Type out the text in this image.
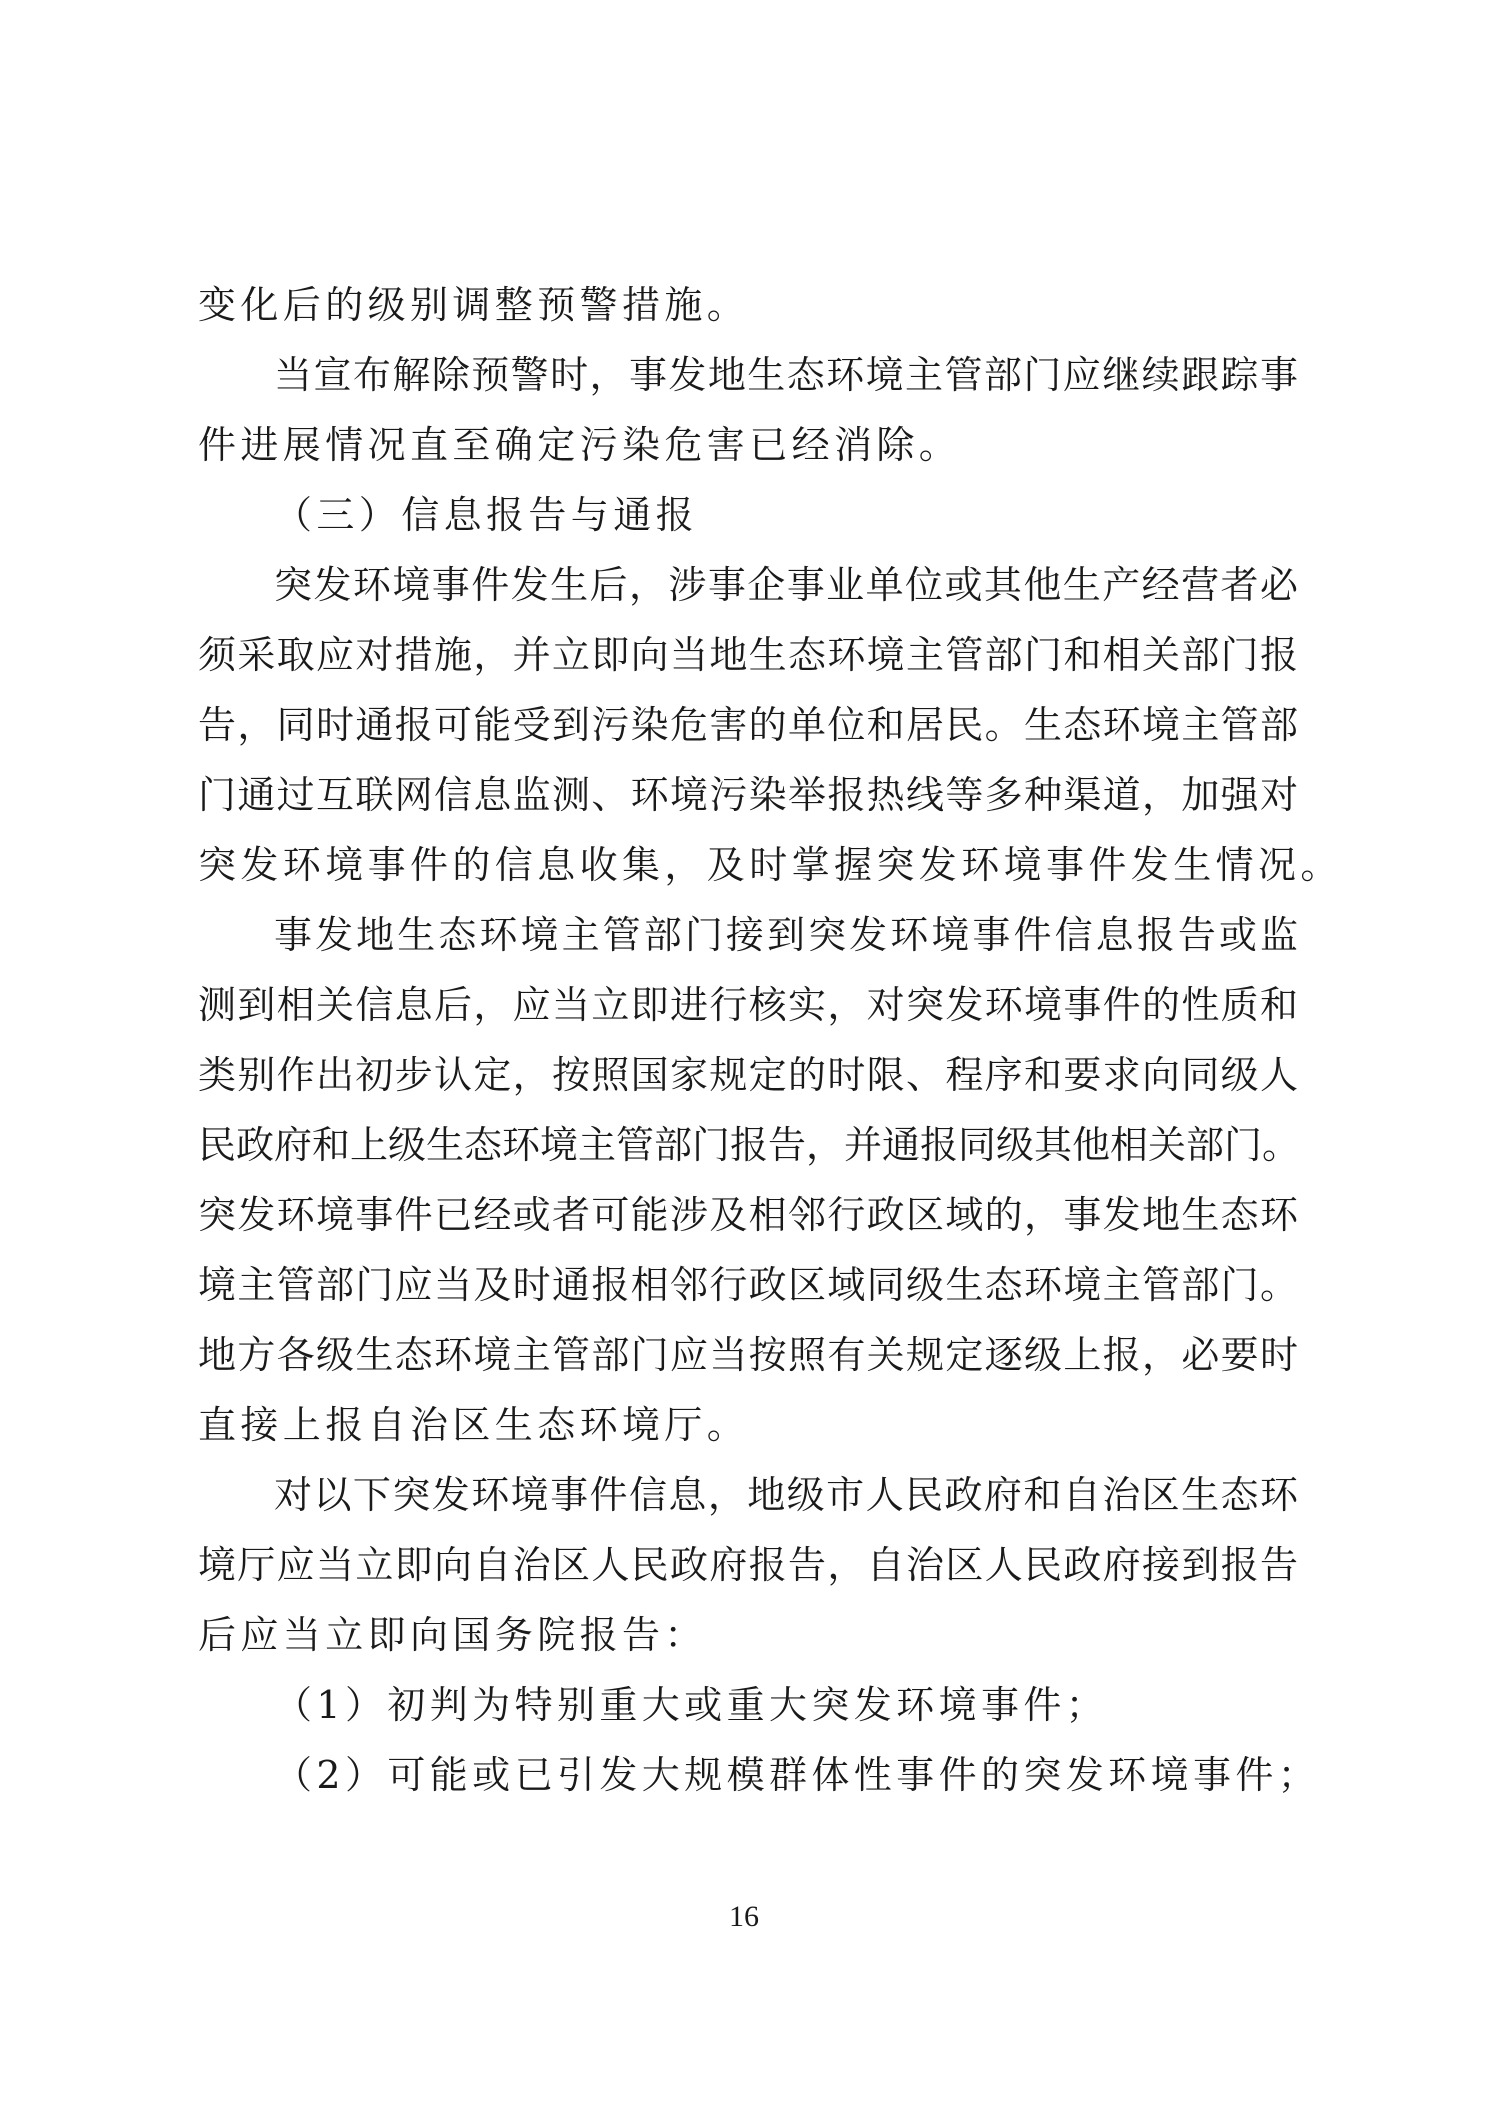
变化后的级别调整预警措施。
当宣布解除预警时，事发地生态环境主管部门应继续跟踪事
件进展情况直至确定污染危害已经消除。
（三）信息报告与通报
突发环境事件发生后，涉事企事业单位或其他生产经营者必
须采取应对措施，并立即向当地生态环境主管部门和相关部门报
告，同时通报可能受到污染危害的单位和居民。生态环境主管部
门通过互联网信息监测、环境污染举报热线等多种渠道，加强对
突发环境事件的信息收集，及时掌握突发环境事件发生情况。
事发地生态环境主管部门接到突发环境事件信息报告或监
测到相关信息后，应当立即进行核实，对突发环境事件的性质和
类别作出初步认定，按照国家规定的时限、程序和要求向同级人
民政府和上级生态环境主管部门报告，并通报同级其他相关部门。
突发环境事件已经或者可能涉及相邻行政区域的，事发地生态环
境主管部门应当及时通报相邻行政区域同级生态环境主管部门。
地方各级生态环境主管部门应当按照有关规定逐级上报，必要时
直接上报自治区生态环境厅。
对以下突发环境事件信息，地级市人民政府和自治区生态环
境厅应当立即向自治区人民政府报告，自治区人民政府接到报告
后应当立即向国务院报告：
（1）初判为特别重大或重大突发环境事件；
（2）可能或已引发大规模群体性事件的突发环境事件；
16
